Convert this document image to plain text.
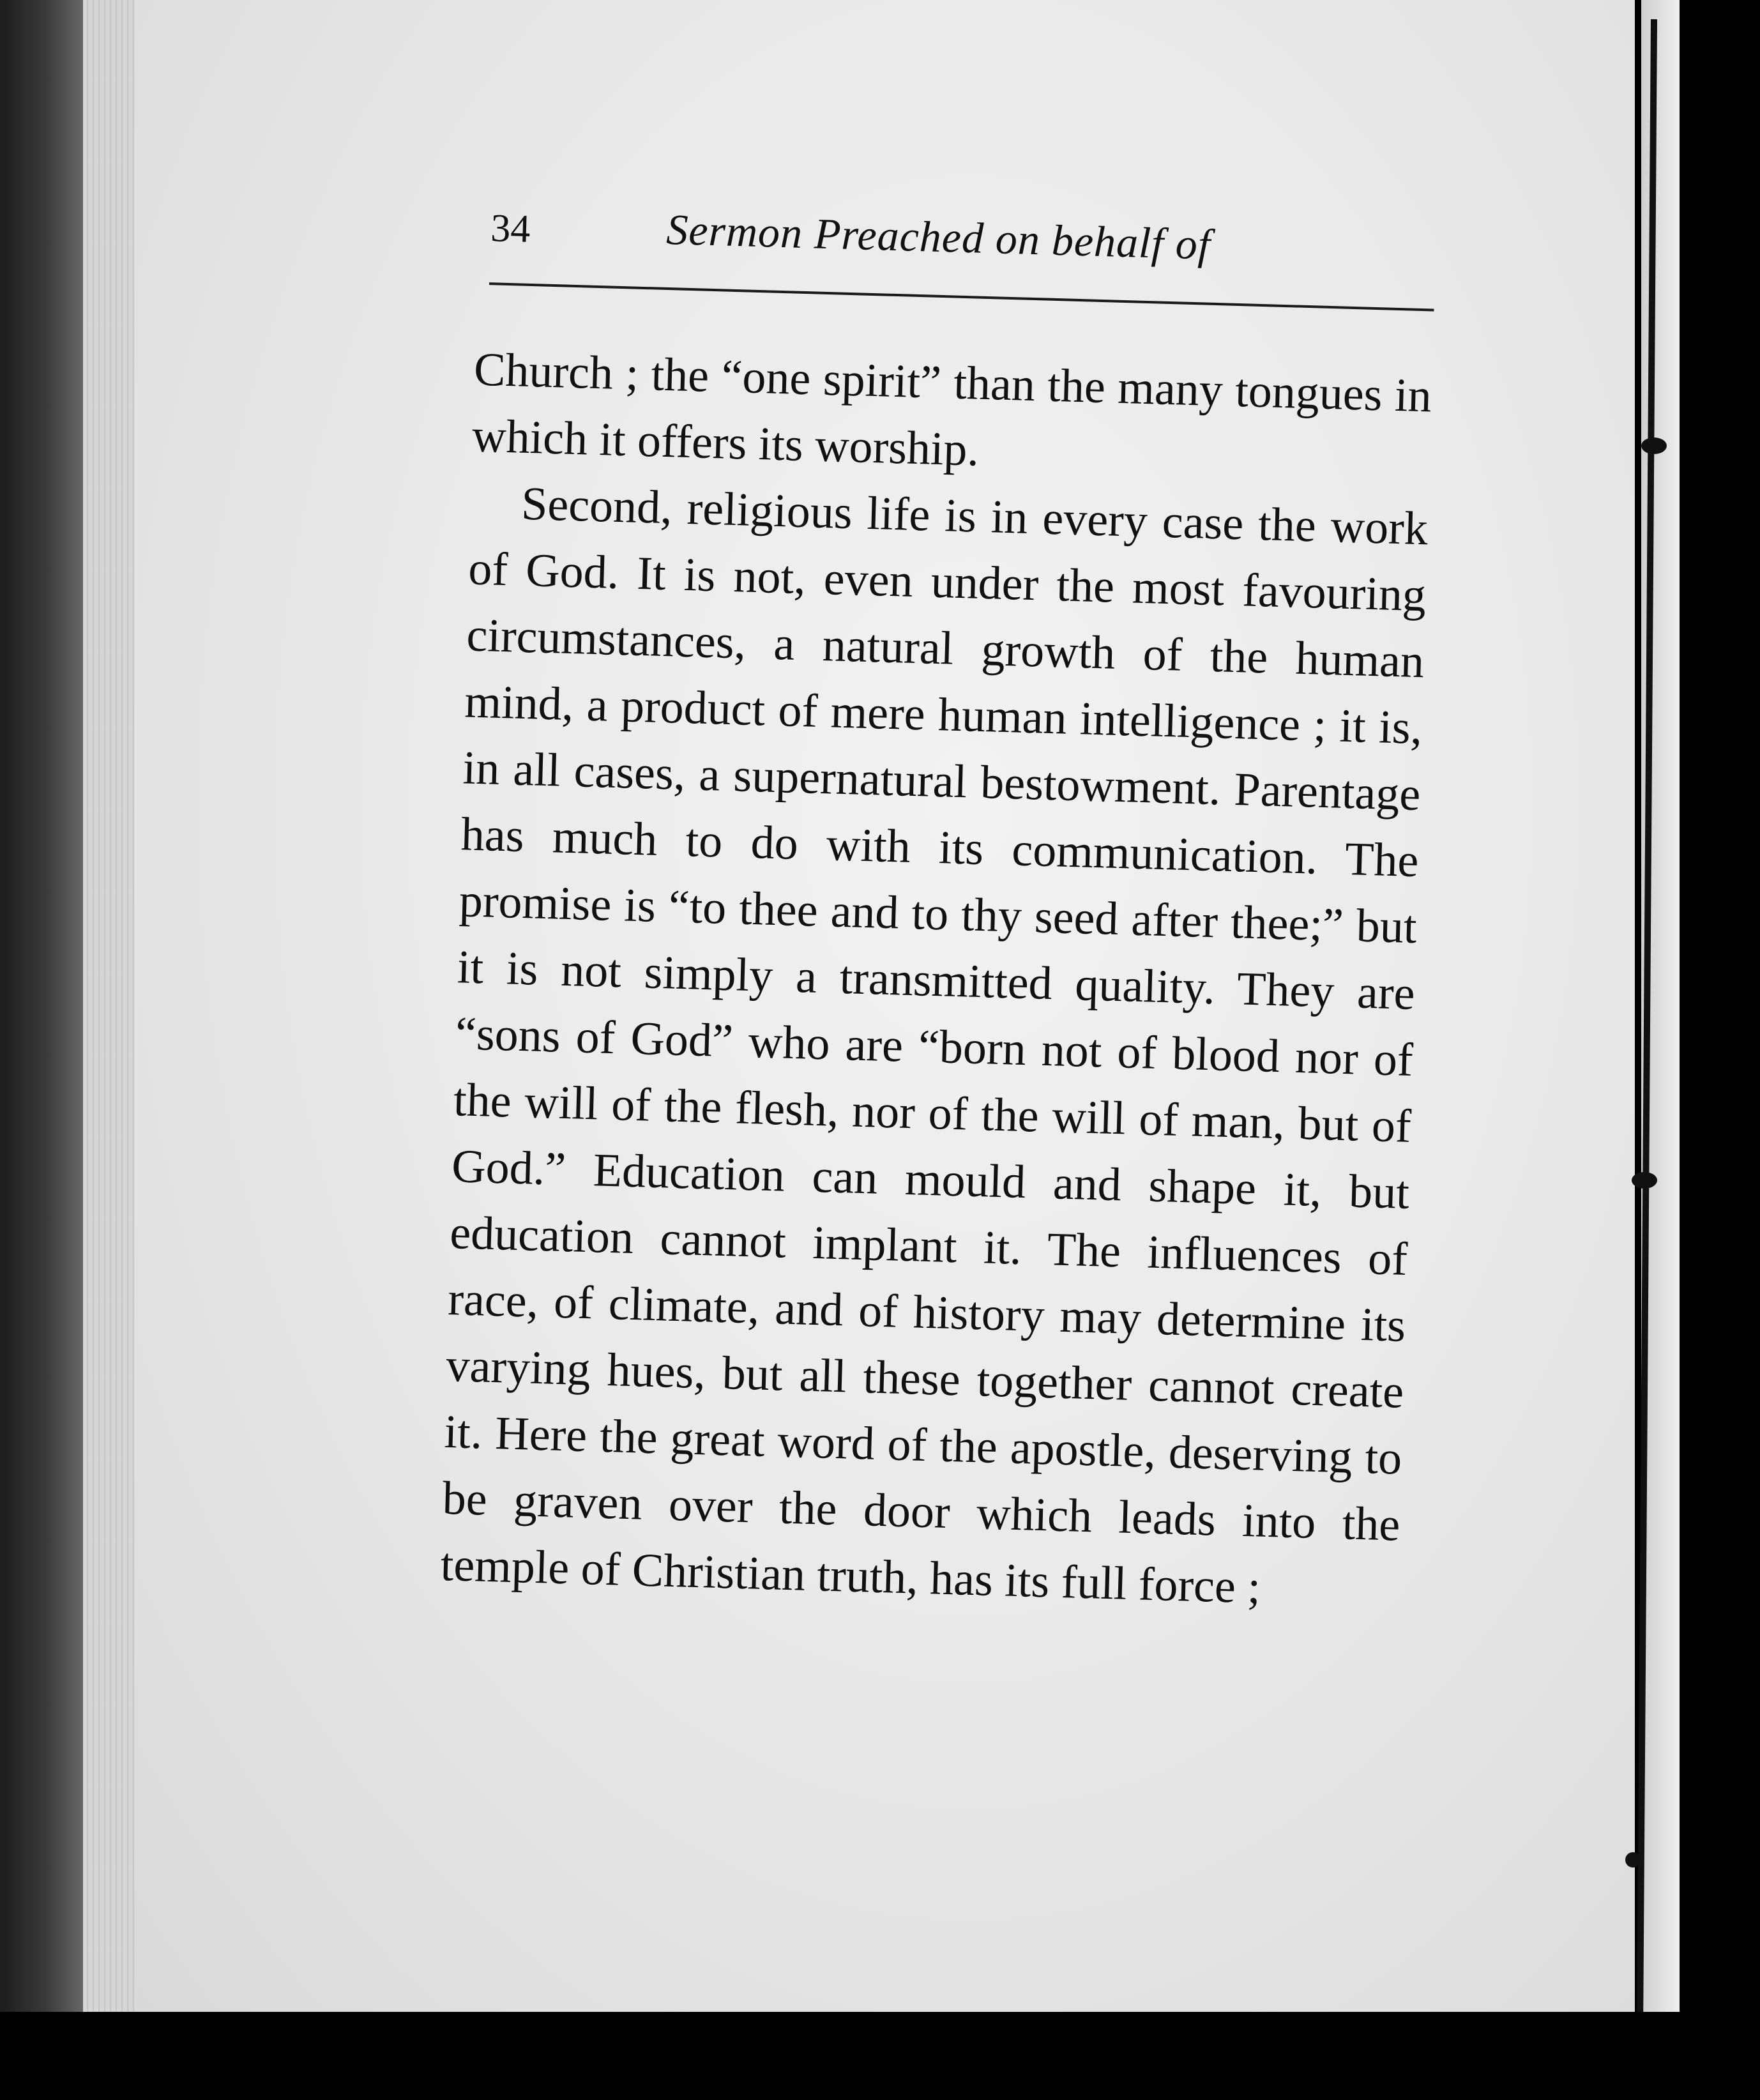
34	Sermon Preached on behalf of

Church ; the “one spirit” than the many tongues in which it offers its worship.

Second, religious life is in every case the work of God. It is not, even under the most favouring circumstances, a natural growth of the human mind, a product of mere human intelligence ; it is, in all cases, a supernatural bestowment. Parentage has much to do with its communication. The promise is “to thee and to thy seed after thee;” but it is not simply a transmitted quality. They are “sons of God” who are “born not of blood nor of the will of the flesh, nor of the will of man, but of God.” Education can mould and shape it, but education cannot implant it. The influences of race, of climate, and of history may determine its varying hues, but all these together cannot create it. Here the great word of the apostle, deserving to be graven over the door which leads into the temple of Christian truth, has its full force ;
